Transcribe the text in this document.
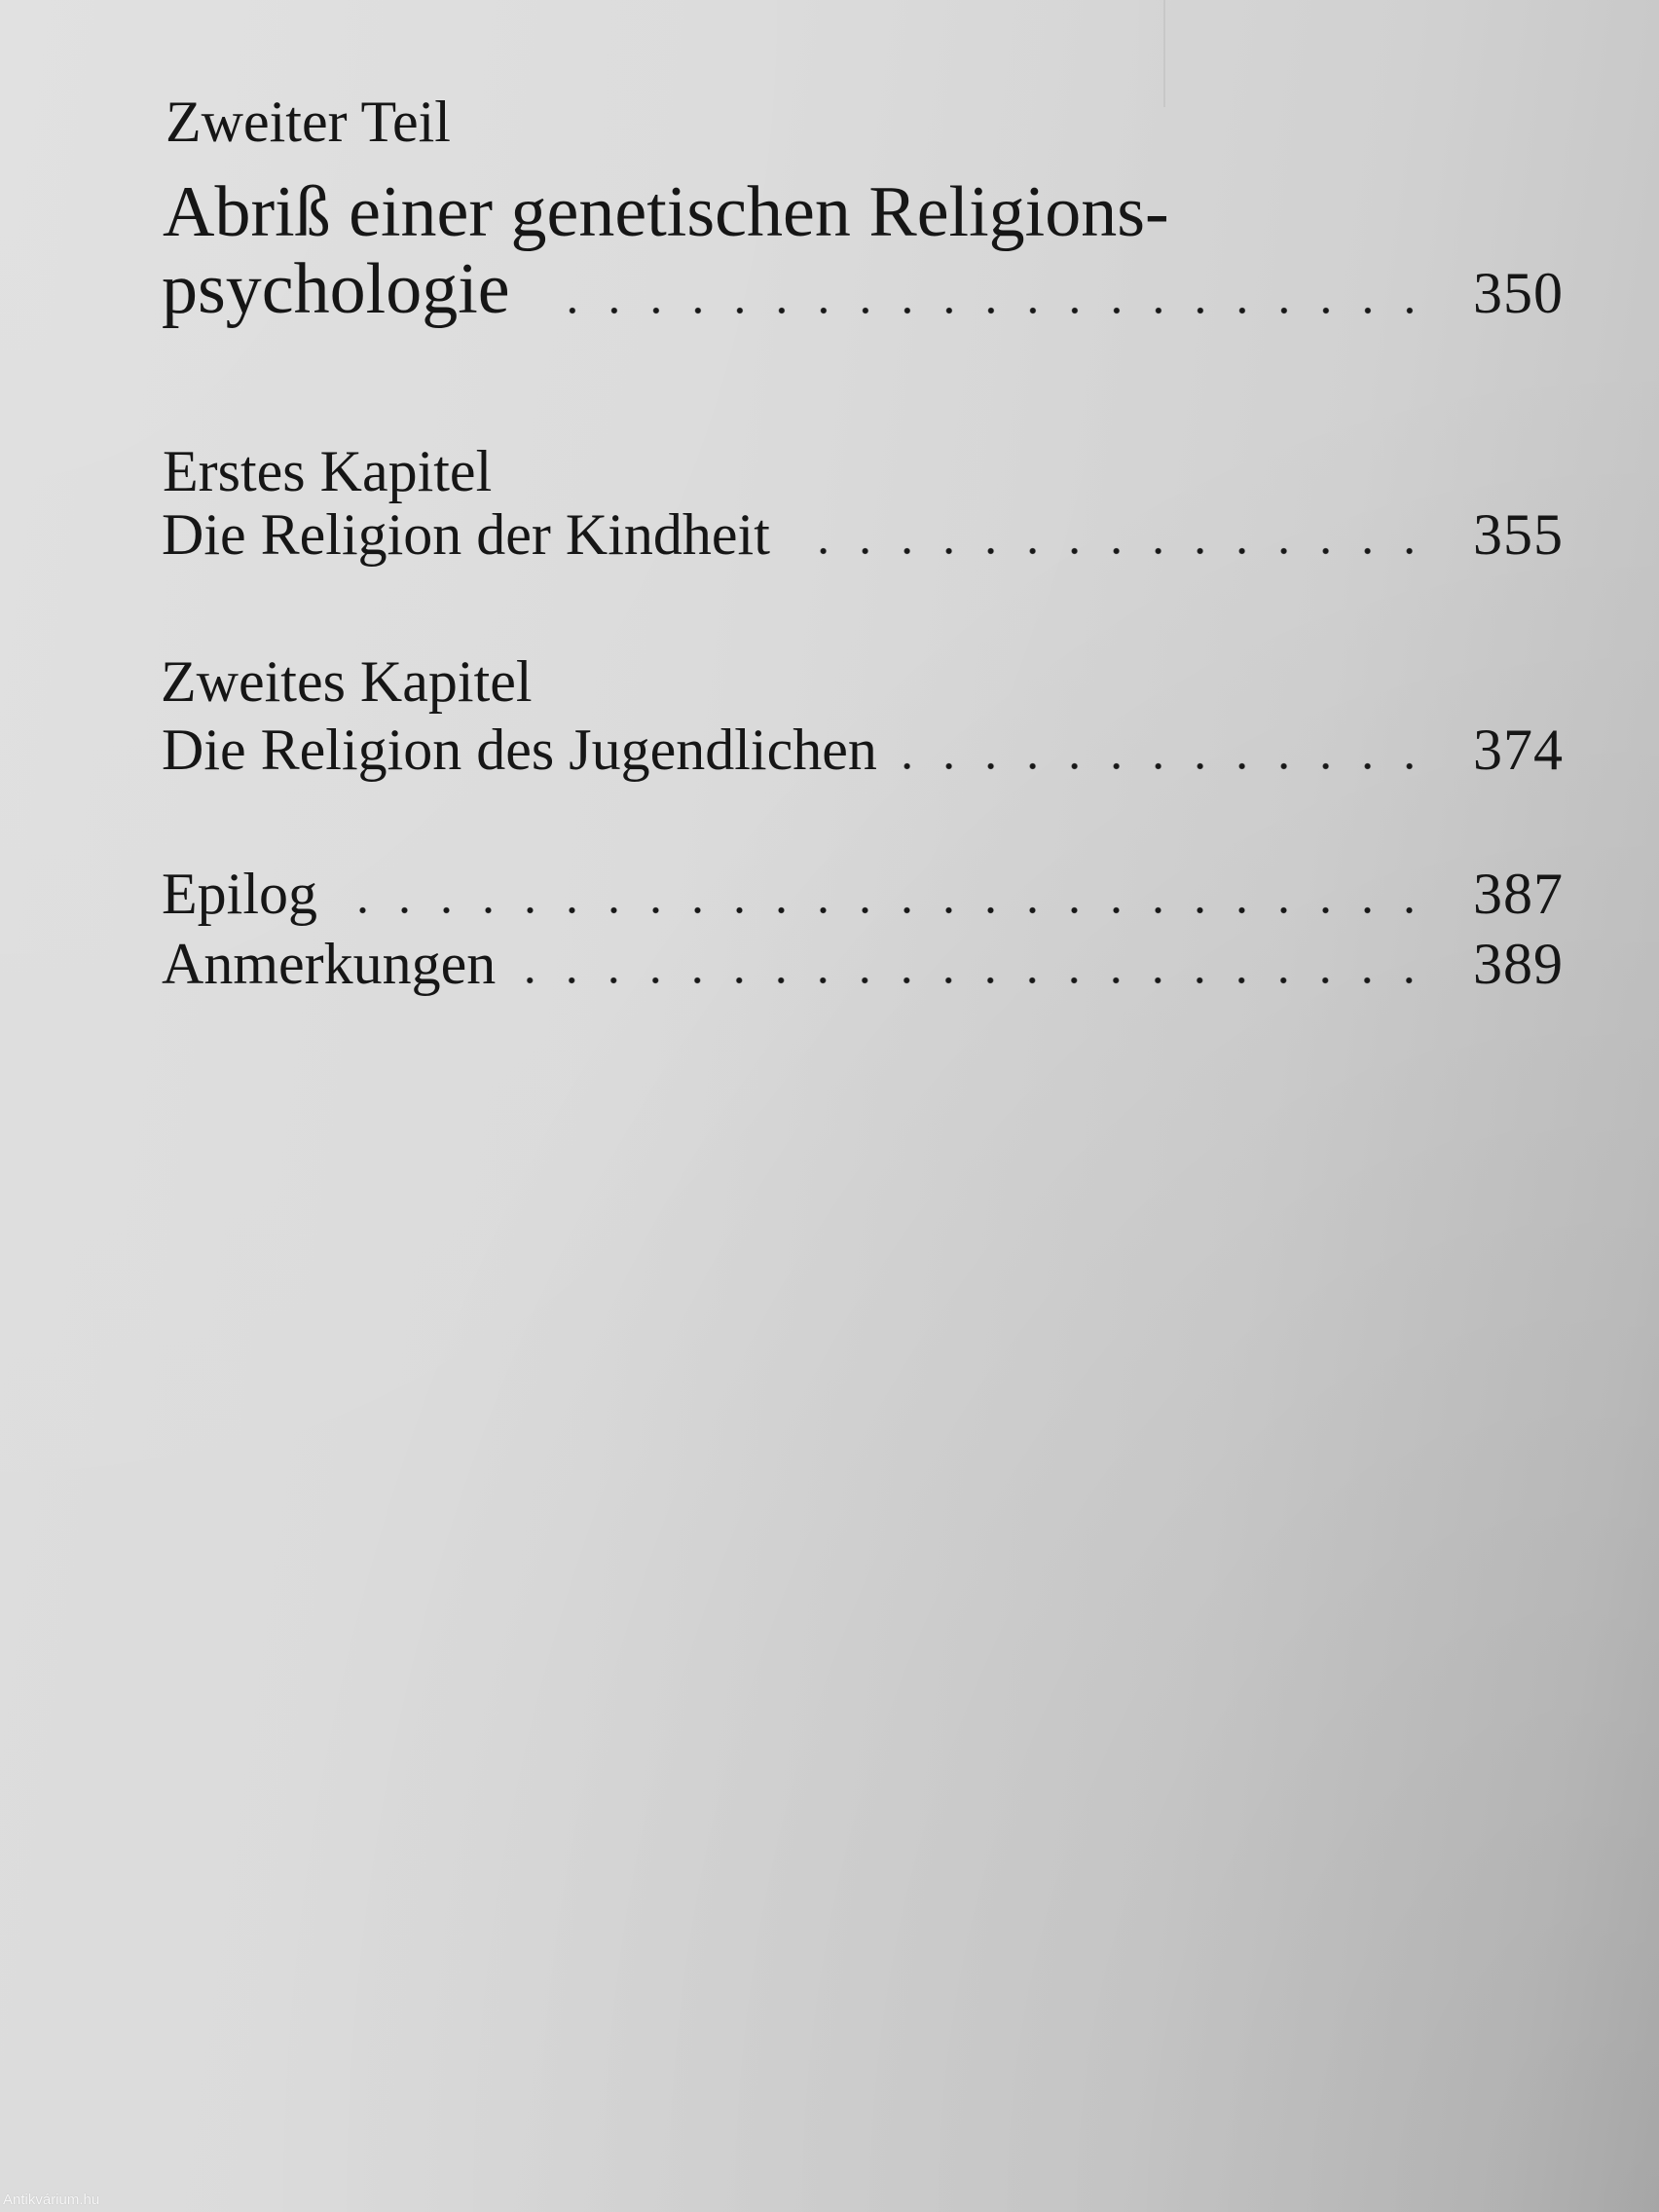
Zweiter Teil
Abriß einer genetischen Religions-
psychologie	350
Erstes Kapitel
Die Religion der Kindheit	355
Zweites Kapitel
Die Religion des Jugendlichen	374
Epilog	387
Anmerkungen	389
Antikvárium.hu
